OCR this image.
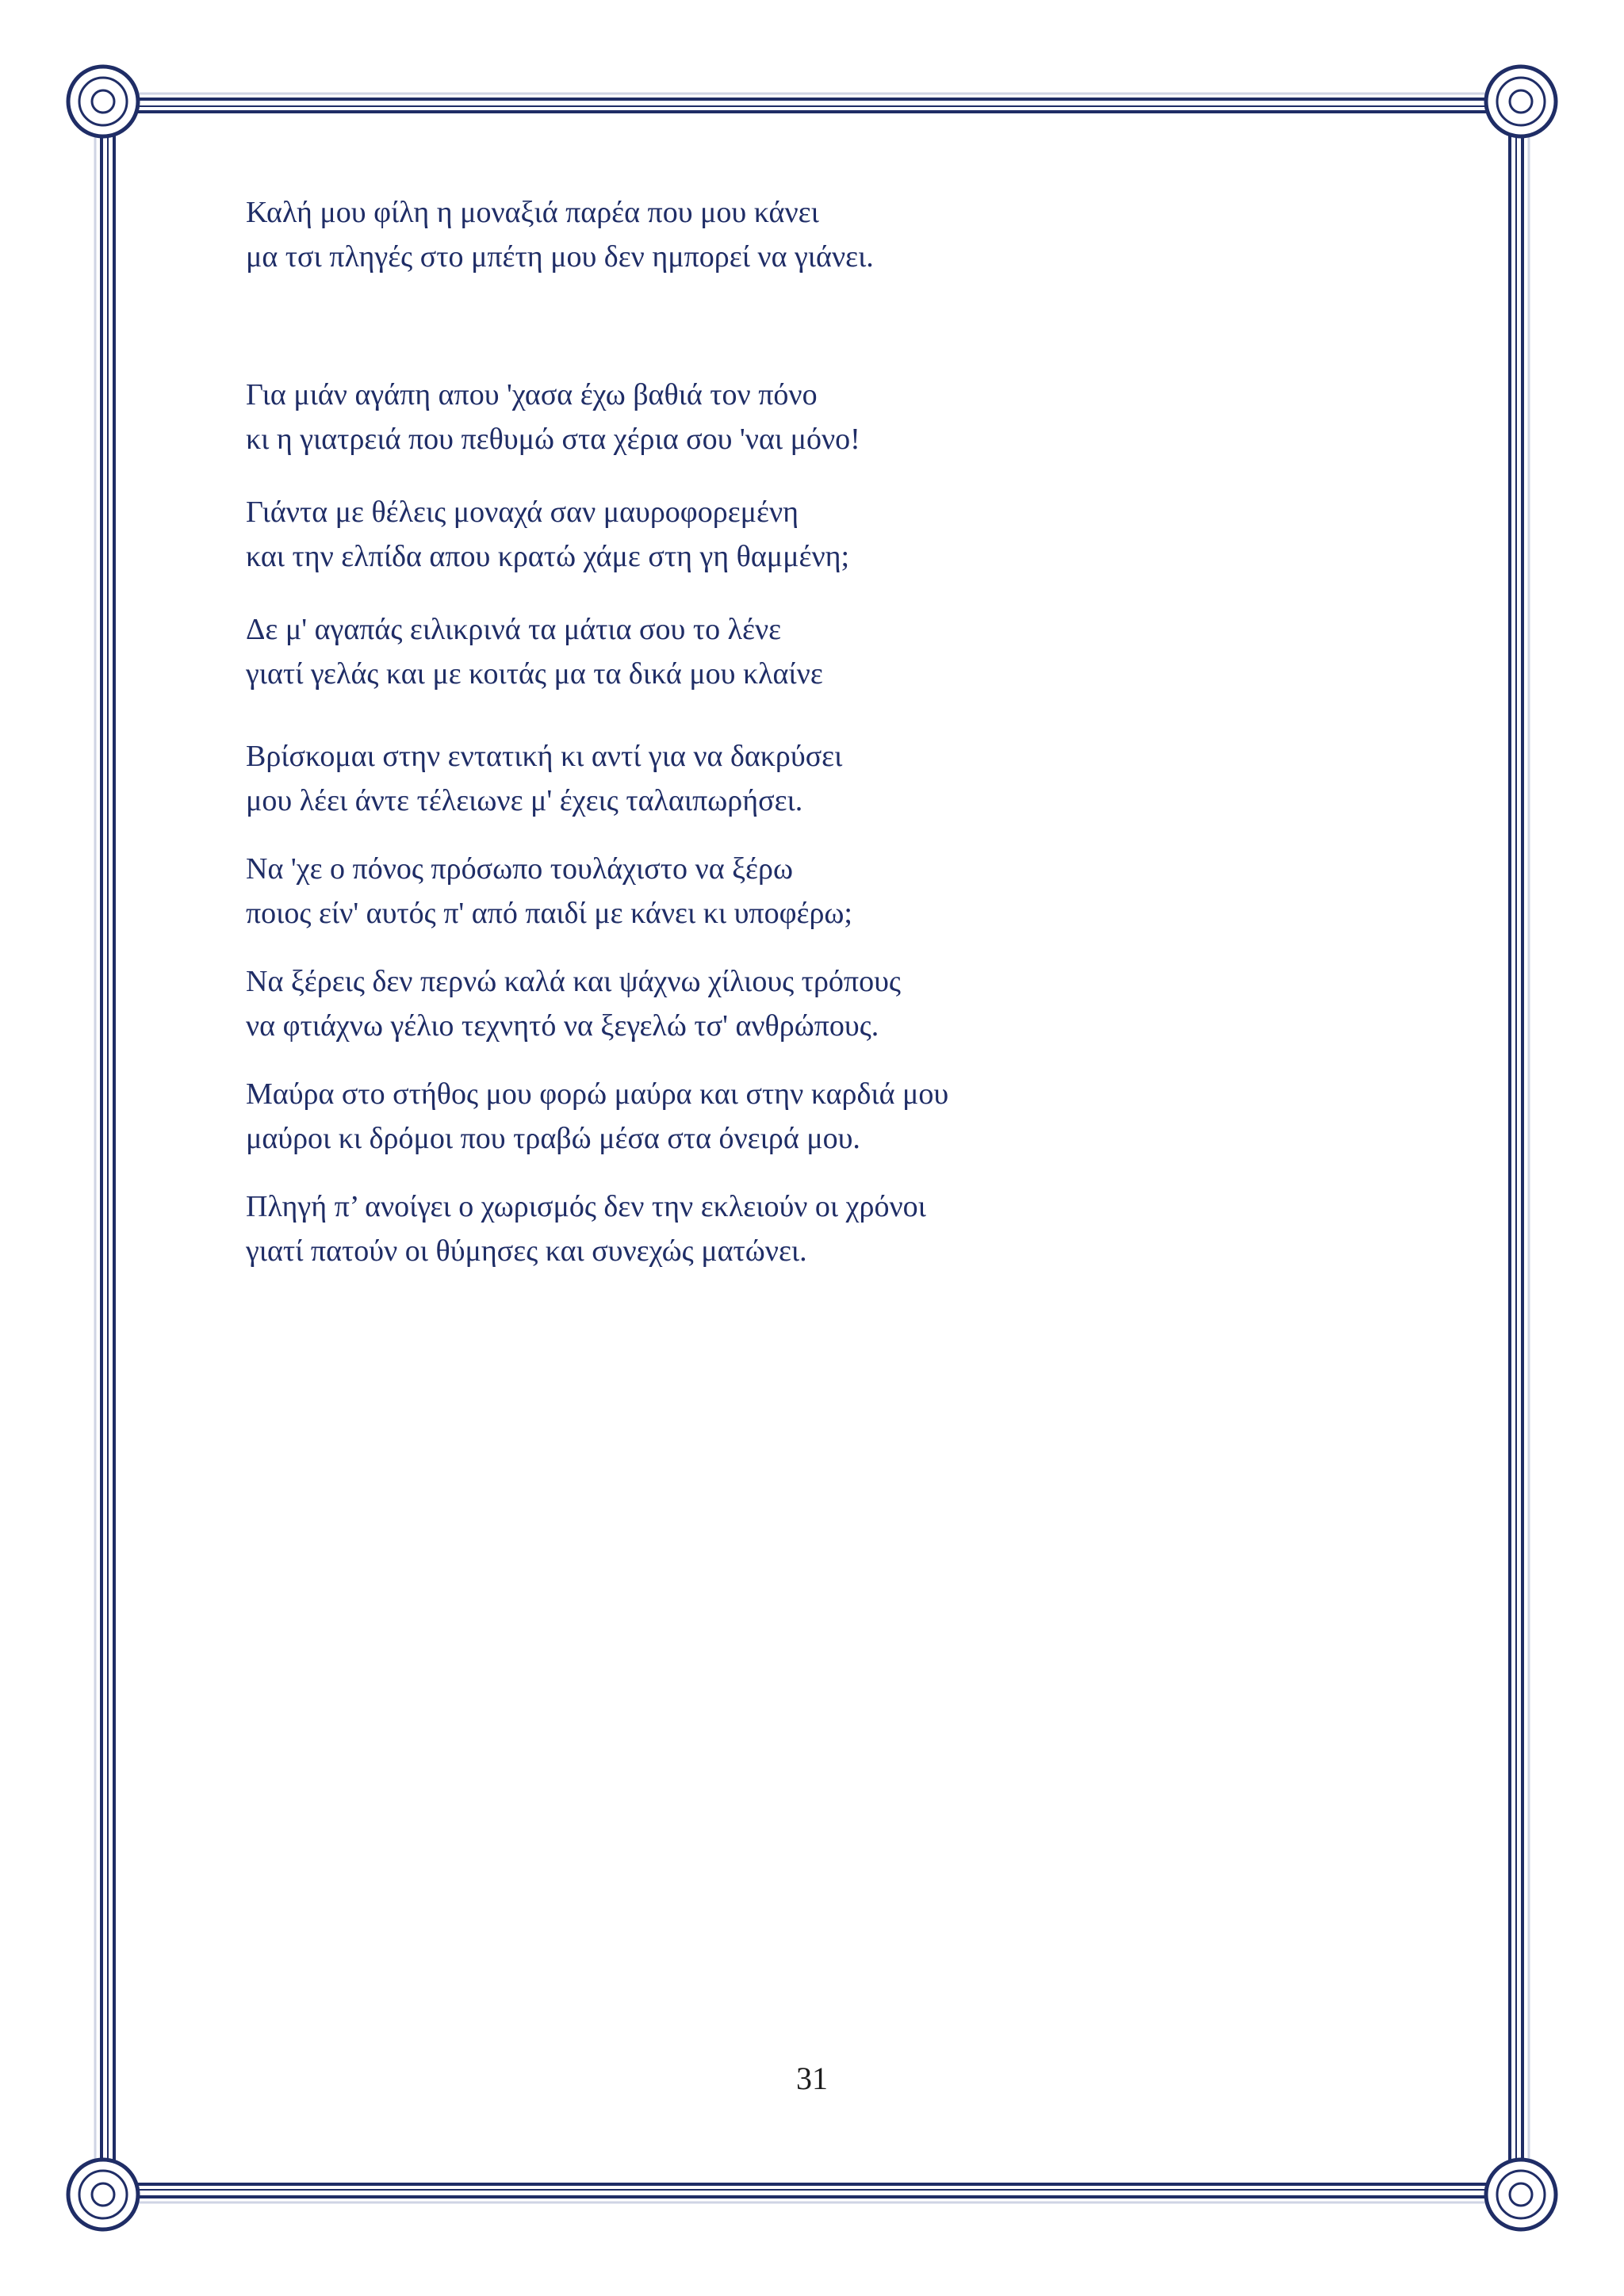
Καλή μου φίλη η μοναξιά παρέα που μου κάνει
μα τσι πληγές στο μπέτη μου δεν ημπορεί να γιάνει.

Για μιάν αγάπη απου 'χασα έχω βαθιά τον πόνο
κι η γιατρειά που πεθυμώ στα χέρια σου 'ναι μόνο!

Γιάντα με θέλεις μοναχά σαν μαυροφορεμένη
και την ελπίδα απου κρατώ χάμε στη γη θαμμένη;

Δε μ' αγαπάς ειλικρινά τα μάτια σου το λένε
γιατί γελάς και με κοιτάς μα τα δικά μου κλαίνε

Βρίσκομαι στην εντατική κι αντί για να δακρύσει
μου λέει άντε τέλειωνε μ' έχεις ταλαιπωρήσει.

Να 'χε ο πόνος πρόσωπο τουλάχιστο να ξέρω
ποιος είν' αυτός π' από παιδί με κάνει κι υποφέρω;

Να ξέρεις δεν περνώ καλά και ψάχνω χίλιους τρόπους
να φτιάχνω γέλιο τεχνητό να ξεγελώ τσ' ανθρώπους.

Μαύρα στο στήθος μου φορώ μαύρα και στην καρδιά μου
μαύροι κι δρόμοι που τραβώ μέσα στα όνειρά μου.

Πληγή π’ ανοίγει ο χωρισμός δεν την εκλειούν οι χρόνοι
γιατί πατούν οι θύμησες και συνεχώς ματώνει.

31
